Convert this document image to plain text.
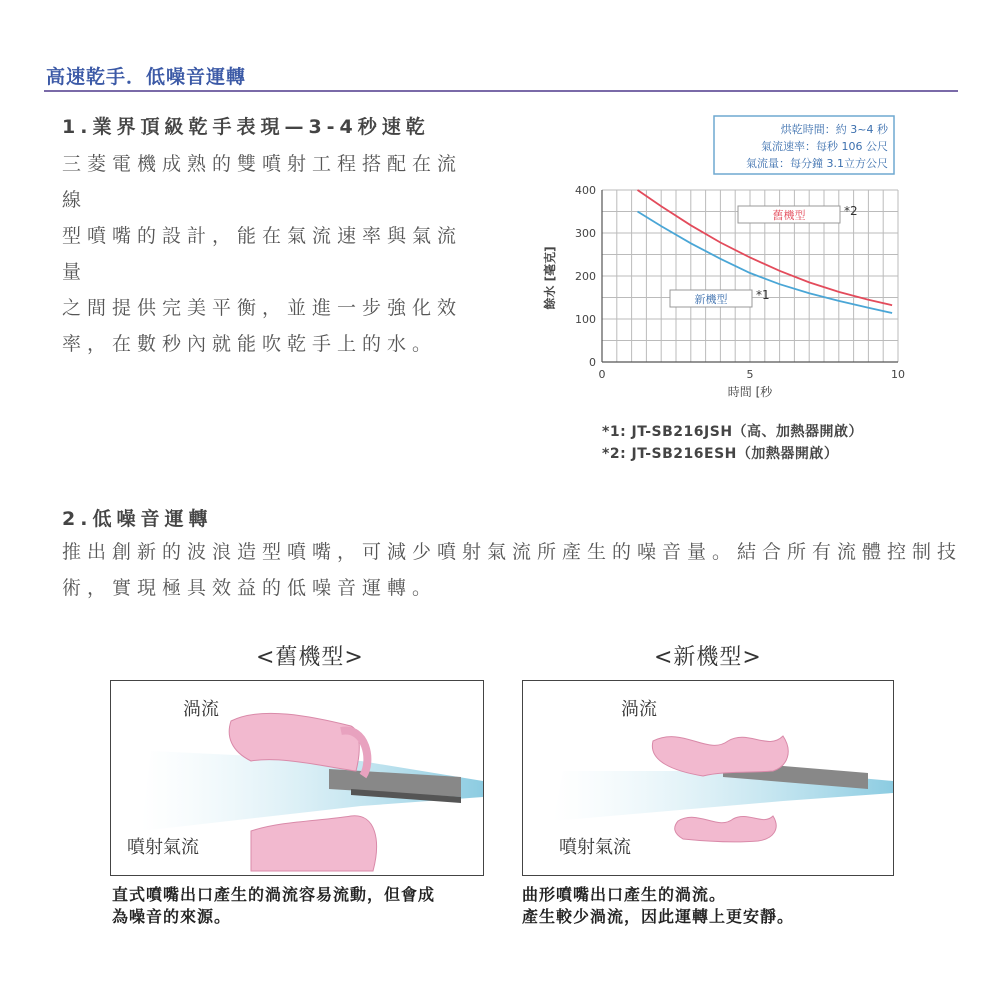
高速乾手．低噪音運轉
1.業界頂級乾手表現—3-4秒速乾
三菱電機成熟的雙噴射工程搭配在流線
型噴嘴的設計，能在氣流速率與氣流量
之間提供完美平衡，並進一步強化效
率，在數秒內就能吹乾手上的水。
烘乾時間：約 3~4 秒
氣流速率：每秒 106 公尺
氣流量：每分鐘 3.1立方公尺
0
100
200
300
400
0	5	10
餘水 [毫克]
時間 [秒
舊機型	*2
新機型 *1
*1: JT-SB216JSH（高、加熱器開啟）
*2: JT-SB216ESH（加熱器開啟）
2.低噪音運轉
推出創新的波浪造型噴嘴，可減少噴射氣流所產生的噪音量。結合所有流體控制技術，實現極具效益的低噪音運轉。
<舊機型>	<新機型>
渦流
噴射氣流
渦流
噴射氣流
直式噴嘴出口產生的渦流容易流動，但會成
為噪音的來源。
曲形噴嘴出口產生的渦流。
產生較少渦流，因此運轉上更安靜。
